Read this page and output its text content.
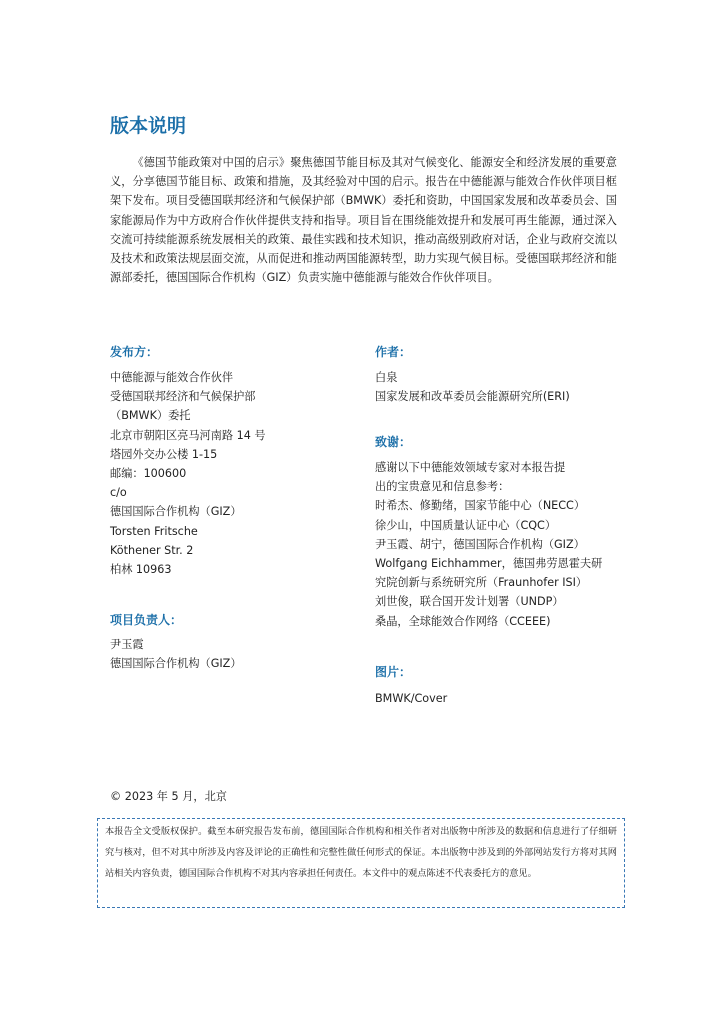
版本说明

《德国节能政策对中国的启示》聚焦德国节能目标及其对气候变化、能源安全和经济发展的重要意义，分享德国节能目标、政策和措施，及其经验对中国的启示。报告在中德能源与能效合作伙伴项目框架下发布。项目受德国联邦经济和气候保护部（BMWK）委托和资助，中国国家发展和改革委员会、国家能源局作为中方政府合作伙伴提供支持和指导。项目旨在围绕能效提升和发展可再生能源，通过深入交流可持续能源系统发展相关的政策、最佳实践和技术知识，推动高级别政府对话，企业与政府交流以及技术和政策法规层面交流，从而促进和推动两国能源转型，助力实现气候目标。受德国联邦经济和能源部委托，德国国际合作机构（GIZ）负责实施中德能源与能效合作伙伴项目。

发布方：
中德能源与能效合作伙伴
受德国联邦经济和气候保护部
（BMWK）委托
北京市朝阳区亮马河南路 14 号
塔园外交办公楼 1-15
邮编：100600
c/o
德国国际合作机构（GIZ）
Torsten Fritsche
Köthener Str. 2
柏林 10963
项目负责人：
尹玉霞
德国国际合作机构（GIZ）
作者：
白泉
国家发展和改革委员会能源研究所(ERI)
致谢：
感谢以下中德能效领域专家对本报告提
出的宝贵意见和信息参考：
时希杰、修勤绪，国家节能中心（NECC）
徐少山，中国质量认证中心（CQC）
尹玉霞、胡宁，德国国际合作机构（GIZ）
Wolfgang Eichhammer，德国弗劳恩霍夫研
究院创新与系统研究所（Fraunhofer ISI）
刘世俊，联合国开发计划署（UNDP）
桑晶，全球能效合作网络（CCEEE)
图片：
BMWK/Cover
© 2023 年 5 月，北京
本报告全文受版权保护。截至本研究报告发布前，德国国际合作机构和相关作者对出版物中所涉及的数据和信息进行了仔细研究与核对，但不对其中所涉及内容及评论的正确性和完整性做任何形式的保证。本出版物中涉及到的外部网站发行方将对其网站相关内容负责，德国国际合作机构不对其内容承担任何责任。本文件中的观点陈述不代表委托方的意见。
